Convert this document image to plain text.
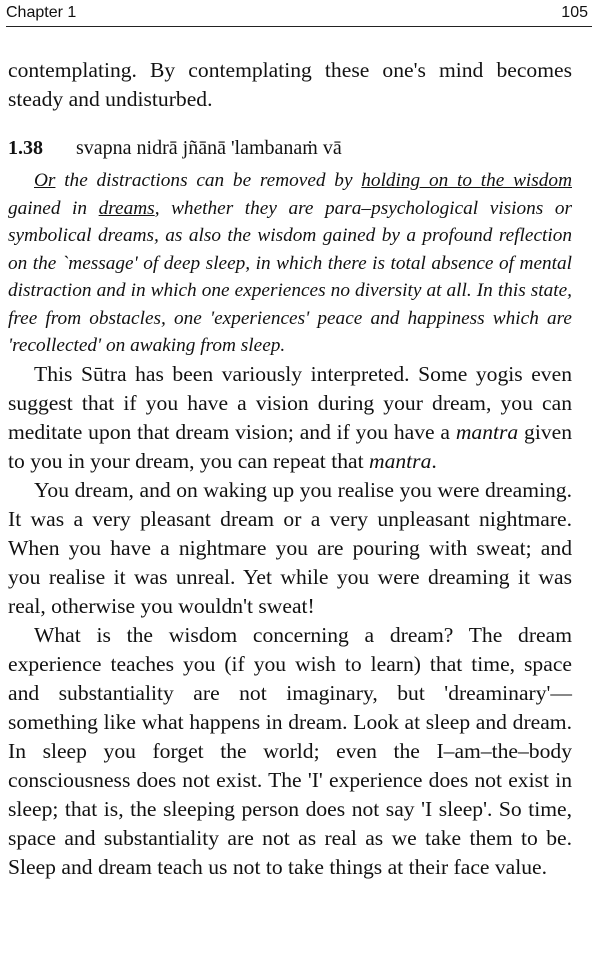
Chapter 1	105

contemplating. By contemplating these one's mind becomes steady and undisturbed.

1.38 svapna nidrā jñānā 'lambanaṁ vā

Or the distractions can be removed by holding on to the wisdom gained in dreams, whether they are para–psychological visions or symbolical dreams, as also the wisdom gained by a profound reflection on the `message' of deep sleep, in which there is total absence of mental distraction and in which one experiences no diversity at all. In this state, free from obstacles, one 'experiences' peace and happiness which are 'recollected' on awaking from sleep.

This Sūtra has been variously interpreted. Some yogis even suggest that if you have a vision during your dream, you can meditate upon that dream vision; and if you have a mantra given to you in your dream, you can repeat that mantra.

You dream, and on waking up you realise you were dreaming. It was a very pleasant dream or a very unpleasant nightmare. When you have a nightmare you are pouring with sweat; and you realise it was unreal. Yet while you were dreaming it was real, otherwise you wouldn't sweat!

What is the wisdom concerning a dream? The dream experience teaches you (if you wish to learn) that time, space and substantiality are not imaginary, but 'dreaminary'—something like what happens in dream. Look at sleep and dream. In sleep you forget the world; even the I–am–the–body consciousness does not exist. The 'I' experience does not exist in sleep; that is, the sleeping person does not say 'I sleep'. So time, space and substantiality are not as real as we take them to be. Sleep and dream teach us not to take things at their face value.
